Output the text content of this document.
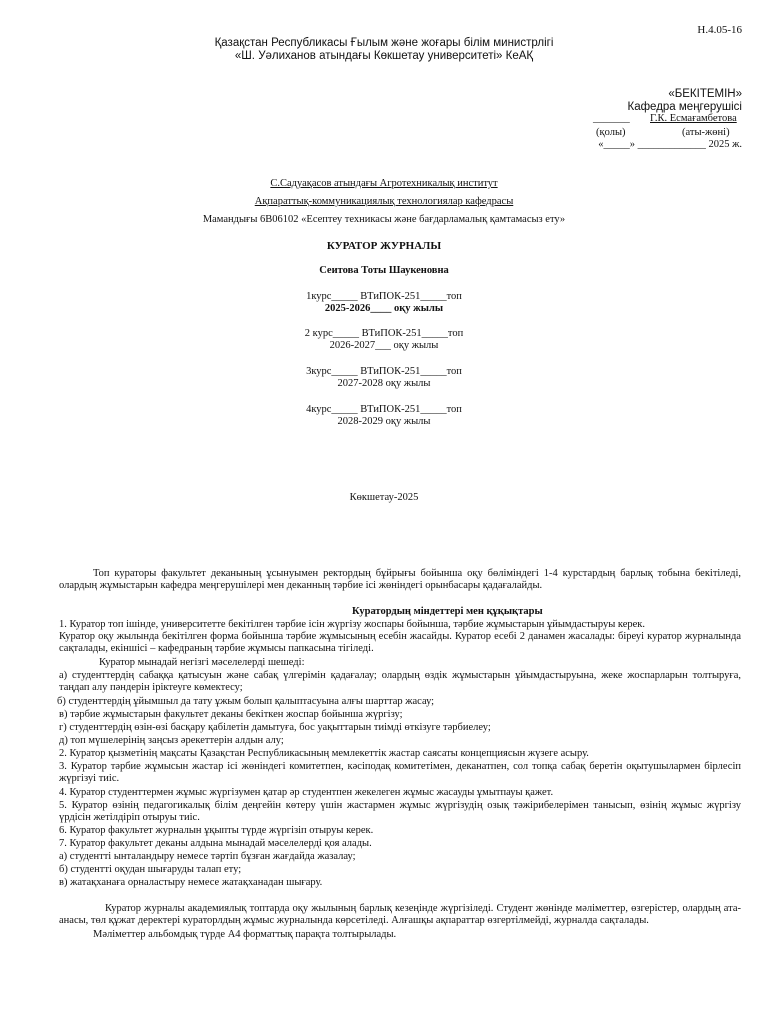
Н.4.05-16
Қазақстан Республикасы Ғылым және жоғары білім министрлігі
«Ш. Уәлиханов атындағы Көкшетау университеті» КеАҚ
«БЕКІТЕМІН»
Кафедра меңгерушісі
_______ Г.К. Есмағамбетова
(қолы)	(аты-жөні)
«_____» _____________ 2025 ж.
С.Садуақасов атындағы Агротехникалық институт
Ақпараттық-коммуникациялық технологиялар кафедрасы
Мамандығы 6В06102 «Есептеу техникасы және бағдарламалық қамтамасыз ету»
КУРАТОР ЖУРНАЛЫ
Сеитова Тоты Шаукеновна
1курс_____ ВТиПОК-251_____топ
2025-2026____ оқу жылы
2 курс_____ ВТиПОК-251_____топ
2026-2027___ оқу жылы
3курс_____ ВТиПОК-251_____топ
2027-2028 оқу жылы
4курс_____ ВТиПОК-251_____топ
2028-2029 оқу жылы
Көкшетау-2025
Топ кураторы факультет деканының ұсынуымен ректордың бұйрығы бойынша оқу бөліміндегі 1-4 курстардың барлық тобына бекітіледі, олардың жұмыстарын кафедра меңгерушілері мен деканның тәрбие ісі жөніндегі орынбасары қадағалайды.
Куратордың міндеттері мен құқықтары
1. Куратор топ ішінде, университетте бекітілген тәрбие ісін жүргізу жоспары бойынша, тәрбие жұмыстарын ұйымдастыруы керек.
Куратор оқу жылында бекітілген форма бойынша тәрбие жұмысының есебін жасайды. Куратор есебі 2 данамен жасалады: біреуі куратор журналында сақталады, екіншісі – кафедраның тәрбие жұмысы папкасына тігіледі.
Куратор мынадай негізгі мәселелерді шешеді:
а) студенттердің сабаққа қатысуын және сабақ үлгерімін қадағалау; олардың өздік жұмыстарын ұйымдастыруына, жеке жоспарларын толтыруға, таңдап алу пәндерін іріктеуге көмектесу;
б) студенттердің ұйымшыл да тату ұжым болып қалыптасуына алғы шарттар жасау;
в) тәрбие жұмыстарын факультет деканы бекіткен жоспар бойынша жүргізу;
г) студенттердің өзін-өзі басқару қабілетін дамытуға, бос уақыттарын тиімді өткізуге тәрбиелеу;
д) топ мүшелерінің заңсыз әрекеттерін алдын алу;
2. Куратор қызметінің мақсаты Қазақстан Республикасының мемлекеттік жастар саясаты концепциясын жүзеге асыру.
3. Куратор тәрбие жұмысын жастар ісі жөніндегі комитетпен, кәсіподақ комитетімен, деканатпен, сол топқа сабақ беретін оқытушылармен бірлесіп жүргізуі тиіс.
4. Куратор студенттермен жұмыс жүргізумен қатар әр студентпен жекелеген жұмыс жасауды ұмытпауы қажет.
5. Куратор өзінің педагогикалық білім деңгейін көтеру үшін жастармен жұмыс жүргізудің озық тәжірибелерімен танысып, өзінің жұмыс жүргізу үрдісін жетілдіріп отыруы тиіс.
6. Куратор факультет журналын ұқыпты түрде жүргізіп отыруы керек.
7. Куратор факультет деканы алдына мынадай мәселелерді қоя алады.
а) студентті ынталандыру немесе тәртіп бұзған жағдайда жазалау;
б) студентті оқудан шығаруды талап ету;
в) жатақханаға орналастыру немесе жатақханадан шығару.
Куратор журналы академиялық топтарда оқу жылының барлық кезеңінде жүргізіледі. Студент жөнінде мәліметтер, өзгерістер, олардың ата-анасы, төл құжат деректері кураторлдың жұмыс журналында көрсетіледі. Алғашқы ақпараттар өзгертілмейді, журналда сақталады.
Мәліметтер альбомдық түрде А4 форматтық парақта толтырылады.
